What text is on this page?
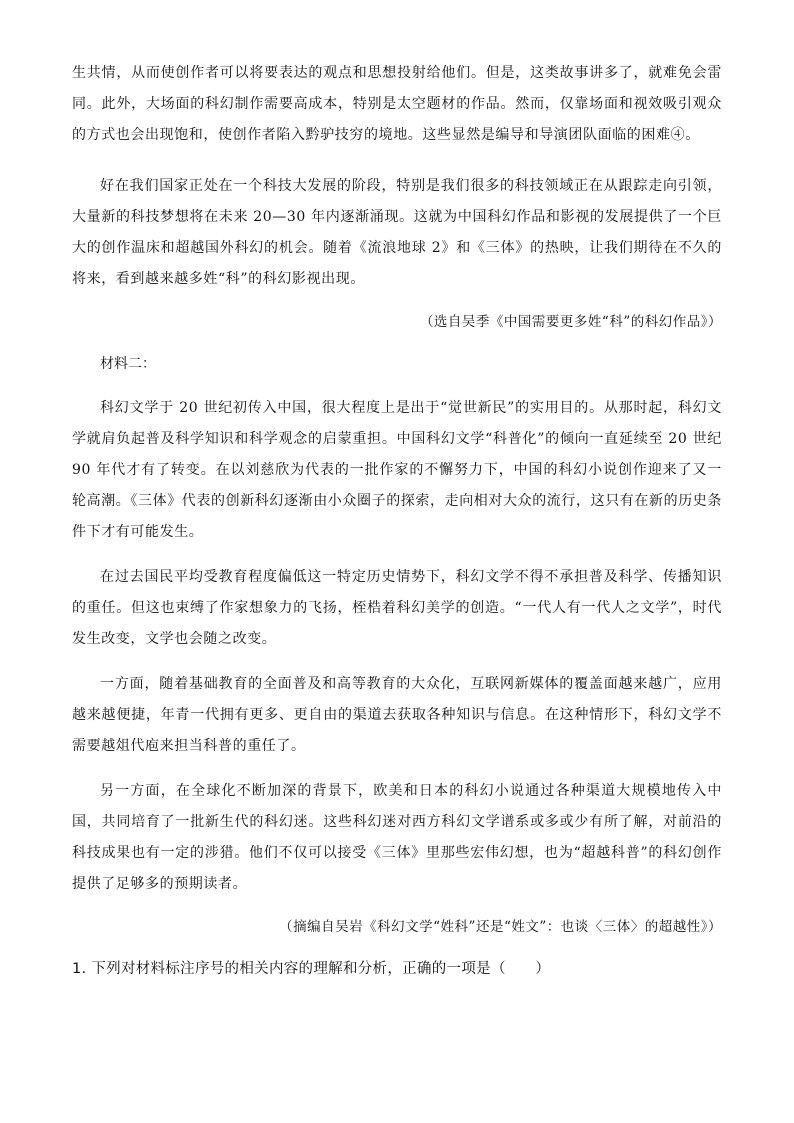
生共情，从而使创作者可以将要表达的观点和思想投射给他们。但是，这类故事讲多了，就难免会雷同。此外，大场面的科幻制作需要高成本，特别是太空题材的作品。然而，仅靠场面和视效吸引观众的方式也会出现饱和，使创作者陷入黔驴技穷的境地。这些显然是编导和导演团队面临的困难④。

好在我们国家正处在一个科技大发展的阶段，特别是我们很多的科技领域正在从跟踪走向引领，大量新的科技梦想将在未来 20—30 年内逐渐涌现。这就为中国科幻作品和影视的发展提供了一个巨大的创作温床和超越国外科幻的机会。随着《流浪地球 2》和《三体》的热映，让我们期待在不久的将来，看到越来越多姓“科”的科幻影视出现。

（选自吴季《中国需要更多姓“科”的科幻作品》）

材料二：

科幻文学于 20 世纪初传入中国，很大程度上是出于“觉世新民”的实用目的。从那时起，科幻文学就肩负起普及科学知识和科学观念的启蒙重担。中国科幻文学“科普化”的倾向一直延续至 20 世纪 90 年代才有了转变。在以刘慈欣为代表的一批作家的不懈努力下，中国的科幻小说创作迎来了又一轮高潮。《三体》代表的创新科幻逐渐由小众圈子的探索，走向相对大众的流行，这只有在新的历史条件下才有可能发生。

在过去国民平均受教育程度偏低这一特定历史情势下，科幻文学不得不承担普及科学、传播知识的重任。但这也束缚了作家想象力的飞扬，桎梏着科幻美学的创造。“一代人有一代人之文学”，时代发生改变，文学也会随之改变。

一方面，随着基础教育的全面普及和高等教育的大众化，互联网新媒体的覆盖面越来越广，应用越来越便捷，年青一代拥有更多、更自由的渠道去获取各种知识与信息。在这种情形下，科幻文学不需要越俎代庖来担当科普的重任了。

另一方面，在全球化不断加深的背景下，欧美和日本的科幻小说通过各种渠道大规模地传入中国，共同培育了一批新生代的科幻迷。这些科幻迷对西方科幻文学谱系或多或少有所了解，对前沿的科技成果也有一定的涉猎。他们不仅可以接受《三体》里那些宏伟幻想，也为“超越科普”的科幻创作提供了足够多的预期读者。

（摘编自吴岩《科幻文学“姓科”还是“姓文”：也谈〈三体〉的超越性》）

1. 下列对材料标注序号的相关内容的理解和分析，正确的一项是（　　）
